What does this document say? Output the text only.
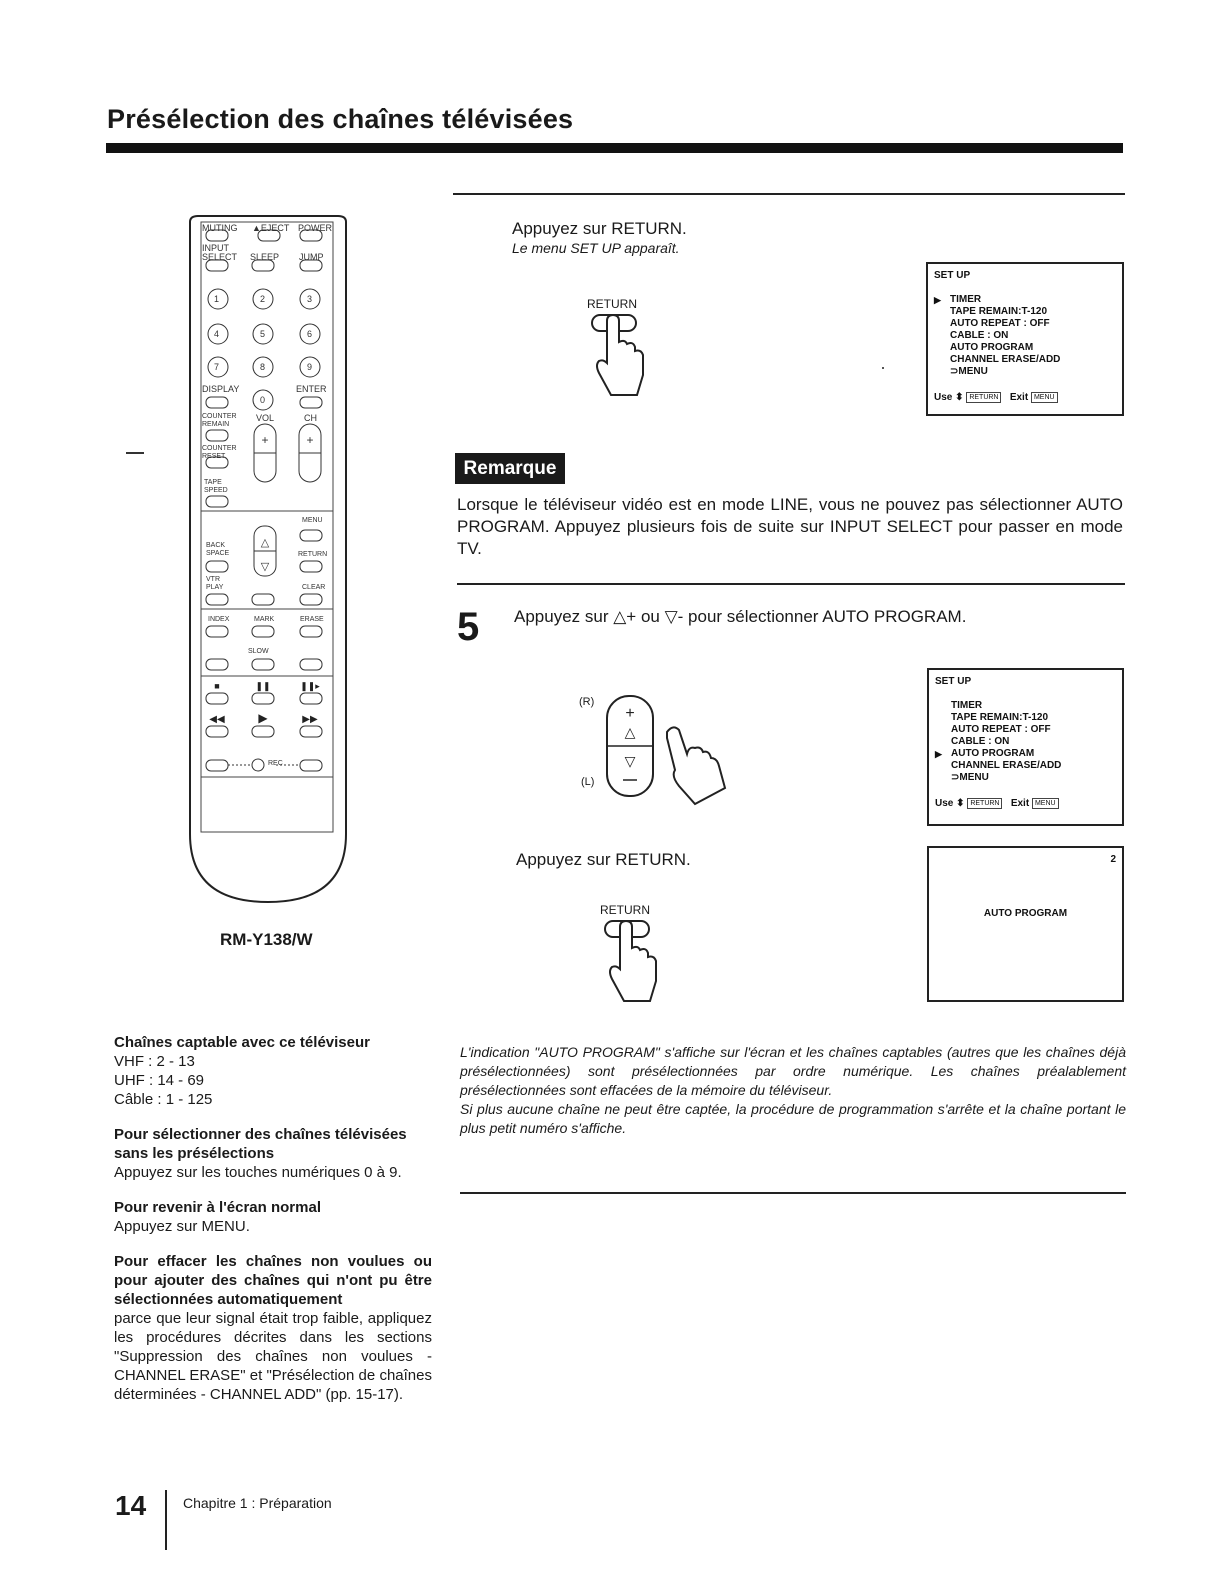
Présélection des chaînes télévisées
+	+
△
▽
■	❚❚	❚❚▸
◀◀	▶	▶▶
MUTING ▲EJECT POWER
INPUT SELECT SLEEP JUMP
1	2	3
4	5	6
7	8	9
0
DISPLAY	ENTER
COUNTER REMAIN
VOL	CH
COUNTER RESET
TAPE SPEED
MENU
BACK SPACE	RETURN
VTR PLAY	CLEAR
INDEX	MARK	ERASE
SLOW
REC
RM-Y138/W
Appuyez sur RETURN.
Le menu SET UP apparaît.
RETURN
SET UP
▶ TIMER
TAPE REMAIN:T-120
AUTO REPEAT : OFF
CABLE : ON
AUTO PROGRAM
CHANNEL ERASE/ADD
⊃MENU
Use ⬍ RETURN Exit MENU
Remarque
Lorsque le téléviseur vidéo est en mode LINE, vous ne pouvez pas sélectionner AUTO PROGRAM. Appuyez plusieurs fois de suite sur INPUT SELECT pour passer en mode TV.
5 Appuyez sur △+ ou ▽- pour sélectionner AUTO PROGRAM.
(R)
(L)
+
△
▽
SET UP
TIMER
TAPE REMAIN:T-120
AUTO REPEAT : OFF
CABLE : ON
▶ AUTO PROGRAM
CHANNEL ERASE/ADD
⊃MENU
Use ⬍ RETURN Exit MENU
Appuyez sur RETURN.
RETURN
2
AUTO PROGRAM
L'indication "AUTO PROGRAM" s'affiche sur l'écran et les chaînes captables (autres que les chaînes déjà présélectionnées) sont présélectionnées par ordre numérique. Les chaînes préalablement présélectionnées sont effacées de la mémoire du téléviseur.
Si plus aucune chaîne ne peut être captée, la procédure de programmation s'arrête et la chaîne portant le plus petit numéro s'affiche.
Chaînes captable avec ce téléviseur
VHF : 2 - 13
UHF : 14 - 69
Câble : 1 - 125
Pour sélectionner des chaînes télévisées sans les présélections
Appuyez sur les touches numériques 0 à 9.
Pour revenir à l'écran normal
Appuyez sur MENU.
Pour effacer les chaînes non voulues ou pour ajouter des chaînes qui n'ont pu être sélectionnées automatiquement
parce que leur signal était trop faible, appliquez les procédures décrites dans les sections "Suppression des chaînes non voulues - CHANNEL ERASE" et "Présélection de chaînes déterminées - CHANNEL ADD" (pp. 15-17).
14	Chapitre 1 : Préparation
